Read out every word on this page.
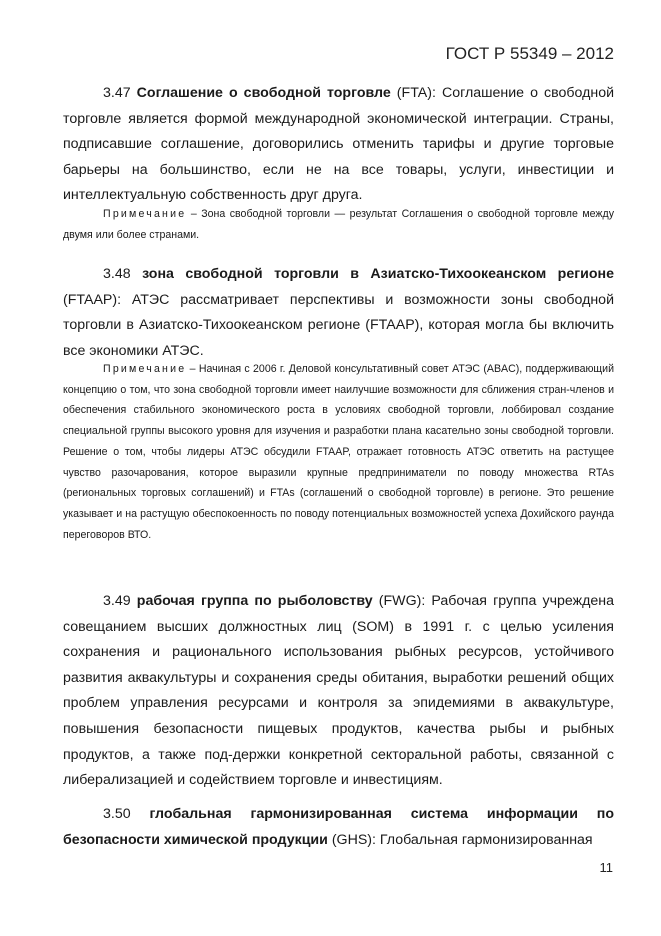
ГОСТ Р 55349 – 2012

3.47 Соглашение о свободной торговле (FTA): Соглашение о свободной торговле является формой международной экономической интеграции. Страны, подписавшие соглашение, договорились отменить тарифы и другие торговые барьеры на большинство, если не на все товары, услуги, инвестиции и интеллектуальную собственность друг друга.

Примечание – Зона свободной торговли — результат Соглашения о свободной торговле между двумя или более странами.

3.48 зона свободной торговли в Азиатско-Тихоокеанском регионе (FTAAP): АТЭС рассматривает перспективы и возможности зоны свободной торговли в Азиатско-Тихоокеанском регионе (FTAAP), которая могла бы включить все экономики АТЭС.

Примечание – Начиная с 2006 г. Деловой консультативный совет АТЭС (ABAC), поддерживающий концепцию о том, что зона свободной торговли имеет наилучшие возможности для сближения стран-членов и обеспечения стабильного экономического роста в условиях свободной торговли, лоббировал создание специальной группы высокого уровня для изучения и разработки плана касательно зоны свободной торговли. Решение о том, чтобы лидеры АТЭС обсудили FTAAP, отражает готовность АТЭС ответить на растущее чувство разочарования, которое выразили крупные предприниматели по поводу множества RTAs (региональных торговых соглашений) и FTAs (соглашений о свободной торговле) в регионе. Это решение указывает и на растущую обеспокоенность по поводу потенциальных возможностей успеха Дохийского раунда переговоров ВТО.

3.49 рабочая группа по рыболовству (FWG): Рабочая группа учреждена совещанием высших должностных лиц (SOM) в 1991 г. с целью усиления сохранения и рационального использования рыбных ресурсов, устойчивого развития аквакультуры и сохранения среды обитания, выработки решений общих проблем управления ресурсами и контроля за эпидемиями в аквакультуре, повышения безопасности пищевых продуктов, качества рыбы и рыбных продуктов, а также под-держки конкретной секторальной работы, связанной с либерализацией и содействием торговле и инвестициям.

3.50 глобальная гармонизированная система информации по безопасности химической продукции (GHS): Глобальная гармонизированная

11
